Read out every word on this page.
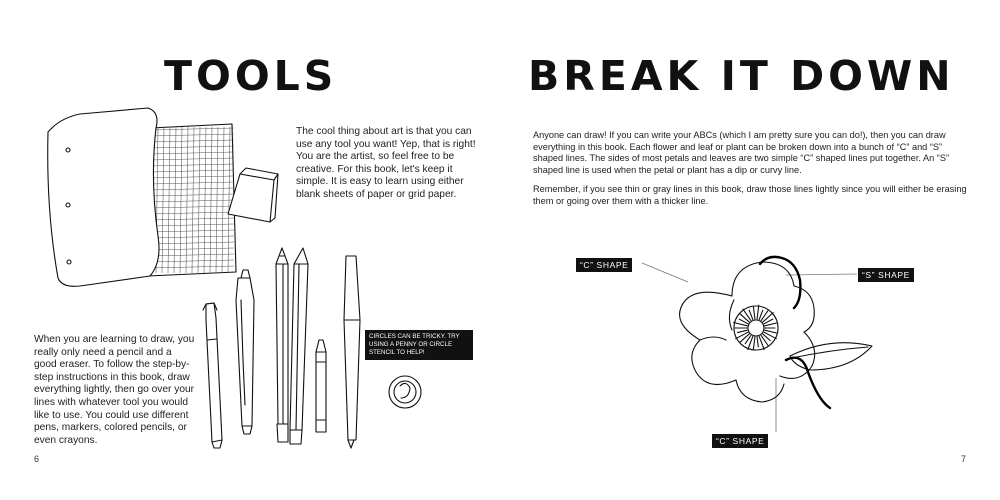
TOOLS
The cool thing about art is that you can use any tool you want! Yep, that is right! You are the artist, so feel free to be creative. For this book, let's keep it simple. It is easy to learn using either blank sheets of paper or grid paper.
When you are learning to draw, you really only need a pencil and a good eraser. To follow the step-by-step instructions in this book, draw everything lightly, then go over your lines with whatever tool you would like to use. You could use different pens, markers, colored pencils, or even crayons.
CIRCLES CAN BE TRICKY. TRY USING A PENNY OR CIRCLE STENCIL TO HELP!
6
BREAK IT DOWN
Anyone can draw! If you can write your ABCs (which I am pretty sure you can do!), then you can draw everything in this book. Each flower and leaf or plant can be broken down into a bunch of “C” and “S” shaped lines. The sides of most petals and leaves are two simple “C” shaped lines put together. An “S” shaped line is used when the petal or plant has a dip or curvy line.
Remember, if you see thin or gray lines in this book, draw those lines lightly since you will either be erasing them or going over them with a thicker line.
“C” SHAPE
“S” SHAPE
“C” SHAPE
7
